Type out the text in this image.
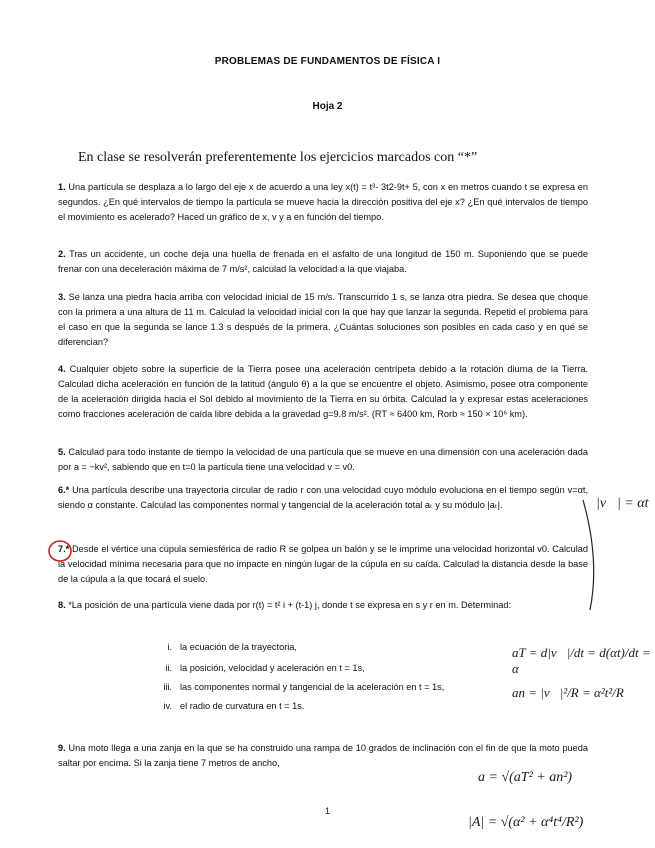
PROBLEMAS DE FUNDAMENTOS DE FÍSICA I
Hoja 2
En clase se resolverán preferentemente los ejercicios marcados con “*”
1. Una partícula se desplaza a lo largo del eje x de acuerdo a una ley x(t) = t³- 3t2-9t+ 5, con x en metros cuando t se expresa en segundos. ¿En qué intervalos de tiempo la partícula se mueve hacia la dirección positiva del eje x? ¿En qué intervalos de tiempo el movimiento es acelerado? Haced un gráfico de x, v y a en función del tiempo.
2. Tras un accidente, un coche deja una huella de frenada en el asfalto de una longitud de 150 m. Suponiendo que se puede frenar con una deceleración máxima de 7 m/s², calculad la velocidad a la que viajaba.
3. Se lanza una piedra hacia arriba con velocidad inicial de 15 m/s. Transcurrido 1 s, se lanza otra piedra. Se desea que choque con la primera a una altura de 11 m. Calculad la velocidad inicial con la que hay que lanzar la segunda. Repetid el problema para el caso en que la segunda se lance 1.3 s después de la primera. ¿Cuántas soluciones son posibles en cada caso y en qué se diferencian?
4. Cualquier objeto sobre la superficie de la Tierra posee una aceleración centrípeta debido a la rotación diurna de la Tierra. Calculad dicha aceleración en función de la latitud (ángulo θ) a la que se encuentre el objeto. Asimismo, posee otra componente de la aceleración dirigida hacia el Sol debido al movimiento de la Tierra en su órbita. Calculad la y expresar estas aceleraciones como fracciones aceleración de caída libre debida a la gravedad g=9.8 m/s². (RT ≈ 6400 km, Rorb ≈ 150 × 10⁶ km).
5. Calculad para todo instante de tiempo la velocidad de una partícula que se mueve en una dimensión con una aceleración dada por a = −kv², sabiendo que en t=0 la partícula tiene una velocidad v = v0.
6.* Una partícula describe una trayectoria circular de radio r con una velocidad cuyo módulo evoluciona en el tiempo según v=αt, siendo α constante. Calculad las componentes normal y tangencial de la aceleración total aₜ y su módulo |aₜ|.
7.* Desde el vértice una cúpula semiesférica de radio R se golpea un balón y se le imprime una velocidad horizontal v0. Calculad la velocidad mínima necesaria para que no impacte en ningún lugar de la cúpula en su caída. Calculad la distancia desde la base de la cúpula a la que tocará el suelo.
8. *La posición de una partícula viene dada por r(t) = t² i + (t-1) j, donde t se expresa en s y r en m. Determinad:
i. la ecuación de la trayectoria,
ii. la posición, velocidad y aceleración en t = 1s,
iii. las componentes normal y tangencial de la aceleración en t = 1s,
iv. el radio de curvatura en t = 1s.
9. Una moto llega a una zanja en la que se ha construido una rampa de 10 grados de inclinación con el fin de que la moto pueda saltar por encima. Si la zanja tiene 7 metros de ancho,
|v⃗| = αt
aT = d|v⃗|/dt = d(αt)/dt = α
an = |v⃗|²/R = α²t²/R
a = √(aT² + an²)
|A| = √(α² + α⁴t⁴/R²)
1
